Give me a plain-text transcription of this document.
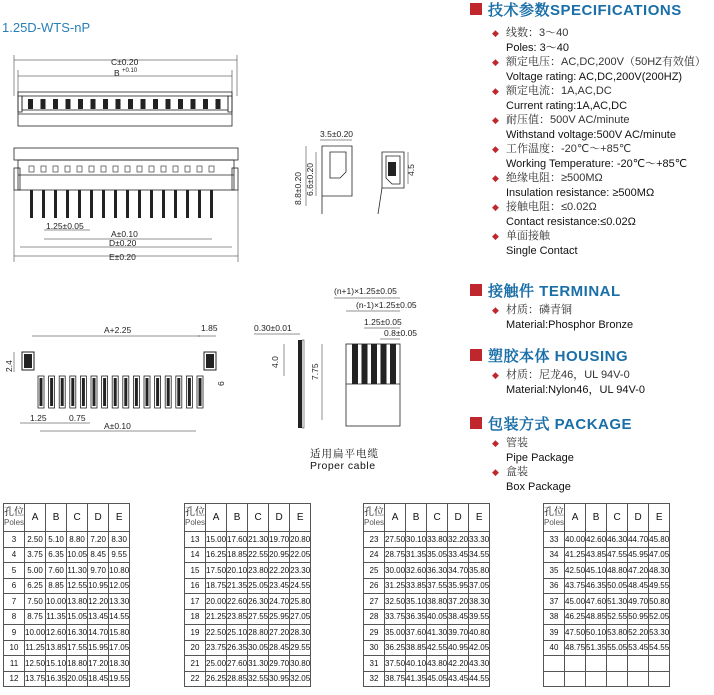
1.25D-WTS-nP
C±0.20
B +0.10
1.25±0.05
A±0.10
D±0.20
E±0.20
3.5±0.20
8.8±0.20 6.6±0.20	4.5
A+2.25	1.85
2.4
6
1.25	0.75
A±0.10
0.30±0.01
4.0
7.75
(n+1)×1.25±0.05
(n-1)×1.25±0.05
1.25±0.05
0.8±0.05
适用扁平电缆
Proper cable
技术参数SPECIFICATIONS
◆ 线数：3～40
Poles: 3～40
◆ 额定电压：AC,DC,200V（50HZ有效值）
Voltage rating: AC,DC,200V(200HZ)
◆ 额定电流：1A,AC,DC
Current rating:1A,AC,DC
◆ 耐压值：500V AC/minute
Withstand voltage:500V AC/minute
◆ 工作温度：-20℃～+85℃
Working Temperature: -20℃～+85℃
◆ 绝缘电阻：≥500MΩ
Insulation resistance: ≥500MΩ
◆ 接触电阻：≤0.02Ω
Contact resistance:≤0.02Ω
◆ 单面接触
Single Contact
接触件 TERMINAL
◆ 材质：磷青铜
Material:Phosphor Bronze
塑胶本体 HOUSING
◆ 材质：尼龙46，UL 94V-0
Material:Nylon46，UL 94V-0
包装方式 PACKAGE
◆ 管装
Pipe Package
◆ 盒装
Box Package
孔位
Poles	A	B	C	D	E
3	2.50	5.10	8.80	7.20	8.30
4	3.75	6.35	10.05	8.45	9.55
5	5.00	7.60	11.30	9.70	10.80
6	6.25	8.85	12.55	10.95	12.05
7	7.50	10.00	13.80	12.20	13.30
8	8.75	11.35	15.05	13.45	14.55
9	10.00	12.60	16.30	14.70	15.80
10	11.25	13.85	17.55	15.95	17.05
11	12.50	15.10	18.80	17.20	18.30
12	13.75	16.35	20.05	18.45	19.55
孔位
Poles	A	B	C	D	E
13	15.00	17.60	21.30	19.70	20.80
14	16.25	18.85	22.55	20.95	22.05
15	17.50	20.10	23.80	22.20	23.30
16	18.75	21.35	25.05	23.45	24.55
17	20.00	22.60	26.30	24.70	25.80
18	21.25	23.85	27.55	25.95	27.05
19	22.50	25.10	28.80	27.20	28.30
20	23.75	26.35	30.05	28.45	29.55
21	25.00	27.60	31.30	29.70	30.80
22	26.25	28.85	32.55	30.95	32.05
孔位
Poles	A	B	C	D	E
23	27.50	30.10	33.80	32.20	33.30
24	28.75	31.35	35.05	33.45	34.55
25	30.00	32.60	36.30	34.70	35.80
26	31.25	33.85	37.55	35.95	37.05
27	32.50	35.10	38.80	37.20	38.30
28	33.75	36.35	40.05	38.45	39.55
29	35.00	37.60	41.30	39.70	40.80
30	36.25	38.85	42.55	40.95	42.05
31	37.50	40.10	43.80	42.20	43.30
32	38.75	41.35	45.05	43.45	44.55
孔位
Poles	A	B	C	D	E
33	40.00	42.60	46.30	44.70	45.80
34	41.25	43.85	47.55	45.95	47.05
35	42.50	45.10	48.80	47.20	48.30
36	43.75	46.35	50.05	48.45	49.55
37	45.00	47.60	51.30	49.70	50.80
38	46.25	48.85	52.55	50.95	52.05
39	47.50	50.10	53.80	52.20	53.30
40	48.75	51.35	55.05	53.45	54.55
